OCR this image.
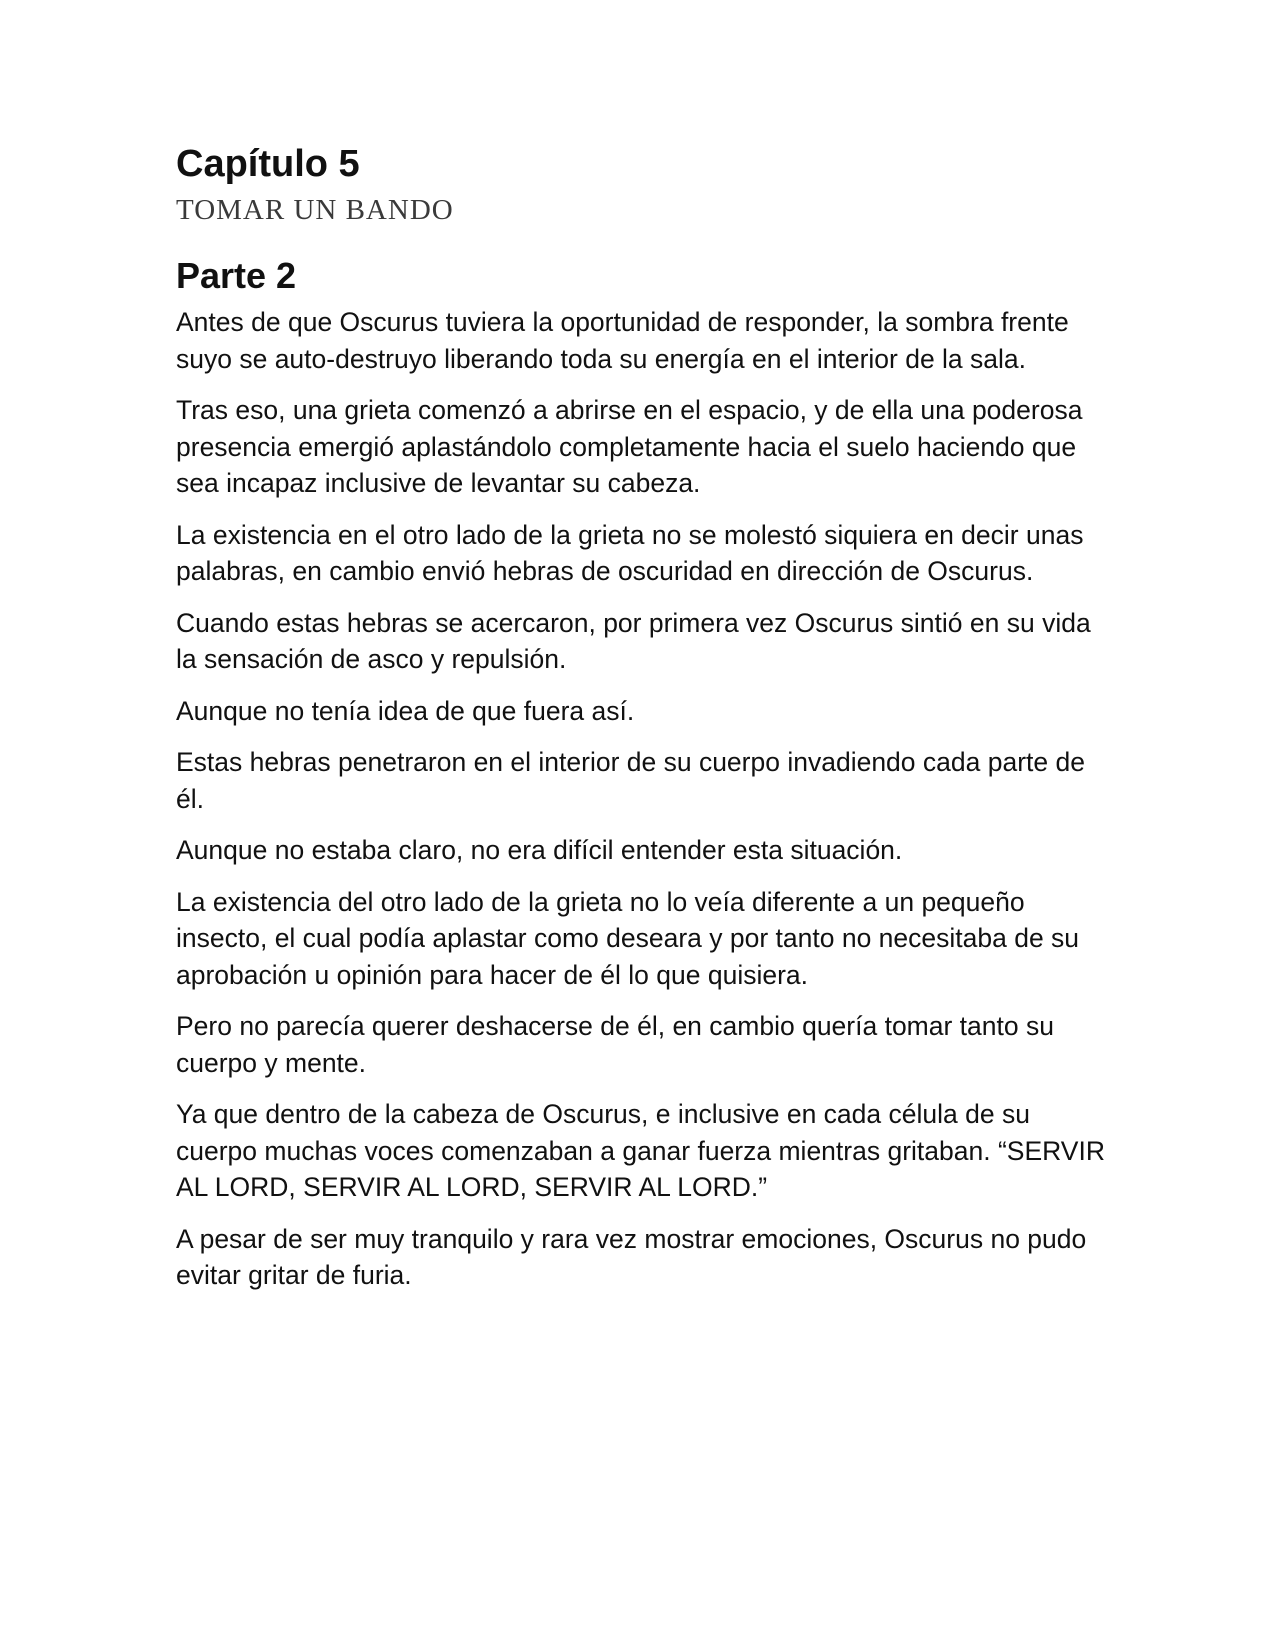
Capítulo 5
TOMAR UN BANDO
Parte 2

Antes de que Oscurus tuviera la oportunidad de responder, la sombra frente suyo se auto-destruyo liberando toda su energía en el interior de la sala.

Tras eso, una grieta comenzó a abrirse en el espacio, y de ella una poderosa presencia emergió aplastándolo completamente hacia el suelo haciendo que sea incapaz inclusive de levantar su cabeza.

La existencia en el otro lado de la grieta no se molestó siquiera en decir unas palabras, en cambio envió hebras de oscuridad en dirección de Oscurus.

Cuando estas hebras se acercaron, por primera vez Oscurus sintió en su vida la sensación de asco y repulsión.

Aunque no tenía idea de que fuera así.

Estas hebras penetraron en el interior de su cuerpo invadiendo cada parte de él.

Aunque no estaba claro, no era difícil entender esta situación.

La existencia del otro lado de la grieta no lo veía diferente a un pequeño insecto, el cual podía aplastar como deseara y por tanto no necesitaba de su aprobación u opinión para hacer de él lo que quisiera.

Pero no parecía querer deshacerse de él, en cambio quería tomar tanto su cuerpo y mente.

Ya que dentro de la cabeza de Oscurus, e inclusive en cada célula de su cuerpo muchas voces comenzaban a ganar fuerza mientras gritaban. “SERVIR AL LORD, SERVIR AL LORD, SERVIR AL LORD.”

A pesar de ser muy tranquilo y rara vez mostrar emociones, Oscurus no pudo evitar gritar de furia.
